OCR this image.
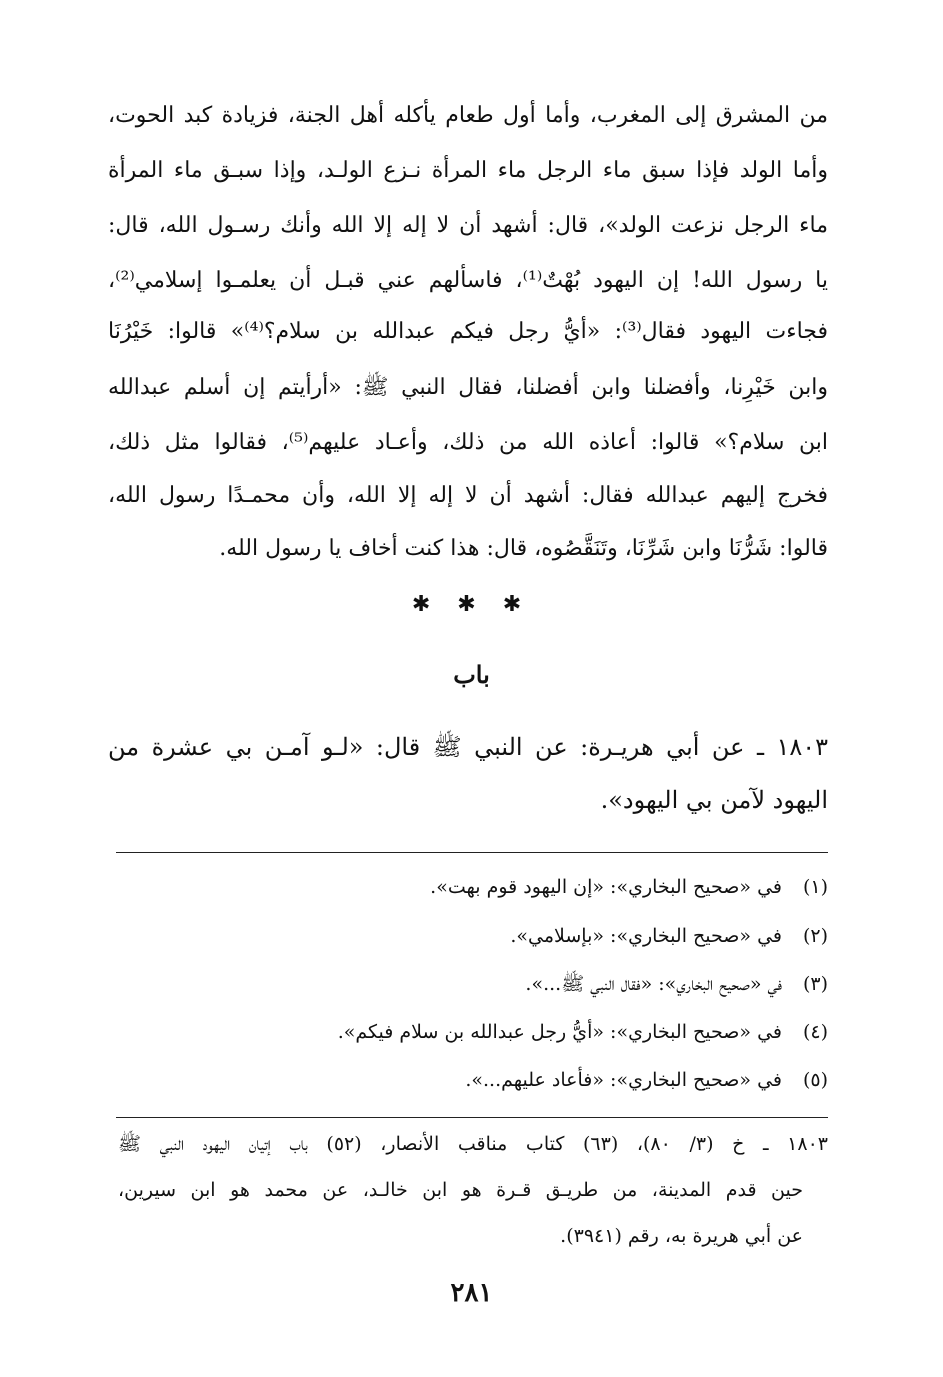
من المشرق إلى المغرب، وأما أول طعام يأكله أهل الجنة، فزيادة كبد الحوت،
وأما الولد فإذا سبق ماء الرجل ماء المرأة نـزع الولـد، وإذا سبـق ماء المرأة
ماء الرجل نزعت الولد»، قال: أشهد أن لا إله إلا الله وأنك رسـول الله، قال:
يا رسول الله! إن اليهود بُهْتٌ⁽¹⁾، فاسألهم عني قبـل أن يعلمـوا إسلامي⁽²⁾،
فجاءت اليهود فقال⁽³⁾: «أيُّ رجل فيكم عبدالله بن سلام؟⁽⁴⁾» قالوا: خَيْرُنَا
وابن خَيْرِنا، وأفضلنا وابن أفضلنا، فقال النبي ﷺ: «أرأيتم إن أسلم عبدالله
ابن سلام؟» قالوا: أعاذه الله من ذلك، وأعـاد عليهم⁽⁵⁾، فقالوا مثل ذلك،
فخرج إليهم عبدالله فقال: أشهد أن لا إله إلا الله، وأن محمـدًا رسول الله،
قالوا: شَرُّنَا وابن شَرِّنَا، وتَنَقَّصُوه، قال: هذا كنت أخاف يا رسول الله.
✱ ✱ ✱
باب
١٨٠٣ ـ عن أبي هريـرة: عن النبي ﷺ قال: «لـو آمـن بي عشرة من
اليهود لآمن بي اليهود».
(١)في «صحيح البخاري»: «إن اليهود قوم بهت».
(٢)في «صحيح البخاري»: «بإسلامي».
(٣)في «صحيح البخاري»: «فقال النبي ﷺ...».
(٤)في «صحيح البخاري»: «أيُّ رجل عبدالله بن سلام فيكم».
(٥)في «صحيح البخاري»: «فأعاد عليهم...».
١٨٠٣ ـ خ (٣/ ٨٠)، (٦٣) كتاب مناقب الأنصار، (٥٢) باب إتيان اليهود النبي ﷺ
حين قدم المدينة، من طريـق قـرة هو ابن خالـد، عن محمد هو ابن سيرين،
عن أبي هريرة به، رقم (٣٩٤١).
٢٨١
